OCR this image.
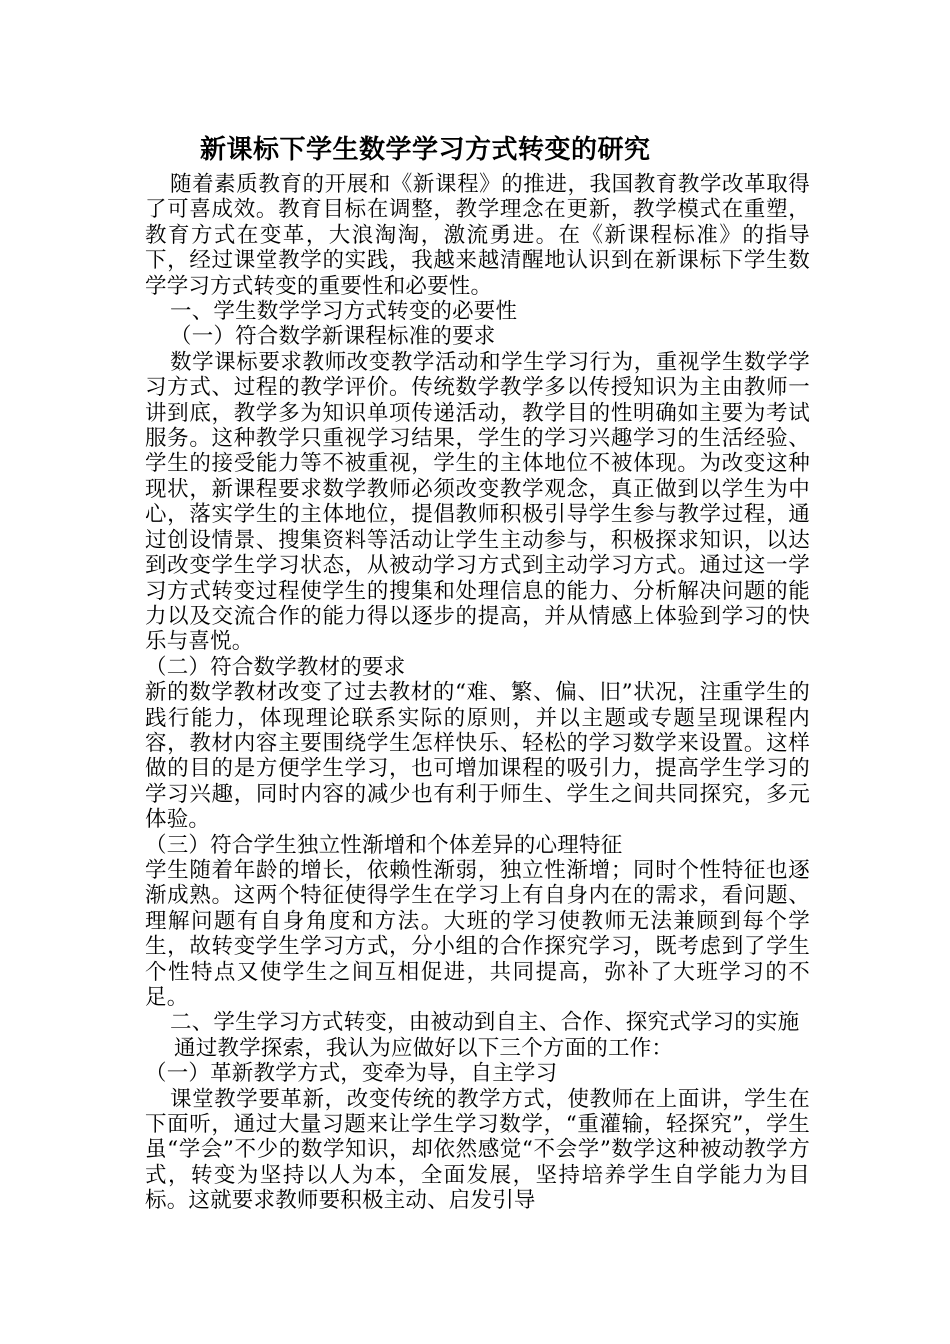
新课标下学生数学学习方式转变的研究

随着素质教育的开展和《新课程》的推进，我国教育教学改革取得了可喜成效。教育目标在调整，教学理念在更新，教学模式在重塑，教育方式在变革，大浪淘淘，激流勇进。在《新课程标准》的指导下，经过课堂教学的实践，我越来越清醒地认识到在新课标下学生数学学习方式转变的重要性和必要性。

一、学生数学学习方式转变的必要性

（一）符合数学新课程标准的要求

数学课标要求教师改变教学活动和学生学习行为，重视学生数学学习方式、过程的教学评价。传统数学教学多以传授知识为主由教师一讲到底，教学多为知识单项传递活动，教学目的性明确如主要为考试服务。这种教学只重视学习结果，学生的学习兴趣学习的生活经验、学生的接受能力等不被重视，学生的主体地位不被体现。为改变这种现状，新课程要求数学教师必须改变教学观念，真正做到以学生为中心，落实学生的主体地位，提倡教师积极引导学生参与教学过程，通过创设情景、搜集资料等活动让学生主动参与，积极探求知识，以达到改变学生学习状态，从被动学习方式到主动学习方式。通过这一学习方式转变过程使学生的搜集和处理信息的能力、分析解决问题的能力以及交流合作的能力得以逐步的提高，并从情感上体验到学习的快乐与喜悦。

（二）符合数学教材的要求

新的数学教材改变了过去教材的“难、繁、偏、旧”状况，注重学生的践行能力，体现理论联系实际的原则，并以主题或专题呈现课程内容，教材内容主要围绕学生怎样快乐、轻松的学习数学来设置。这样做的目的是方便学生学习，也可增加课程的吸引力，提高学生学习的学习兴趣，同时内容的减少也有利于师生、学生之间共同探究，多元体验。

（三）符合学生独立性渐增和个体差异的心理特征

学生随着年龄的增长，依赖性渐弱，独立性渐增；同时个性特征也逐渐成熟。这两个特征使得学生在学习上有自身内在的需求，看问题、理解问题有自身角度和方法。大班的学习使教师无法兼顾到每个学生，故转变学生学习方式，分小组的合作探究学习，既考虑到了学生个性特点又使学生之间互相促进，共同提高，弥补了大班学习的不足。

二、学生学习方式转变，由被动到自主、合作、探究式学习的实施

通过教学探索，我认为应做好以下三个方面的工作：

（一）革新教学方式，变牵为导，自主学习

课堂教学要革新，改变传统的教学方式，使教师在上面讲，学生在下面听，通过大量习题来让学生学习数学，“重灌输，轻探究”，学生虽“学会”不少的数学知识，却依然感觉“不会学”数学这种被动教学方式，转变为坚持以人为本，全面发展，坚持培养学生自学能力为目标。这就要求教师要积极主动、启发引导
